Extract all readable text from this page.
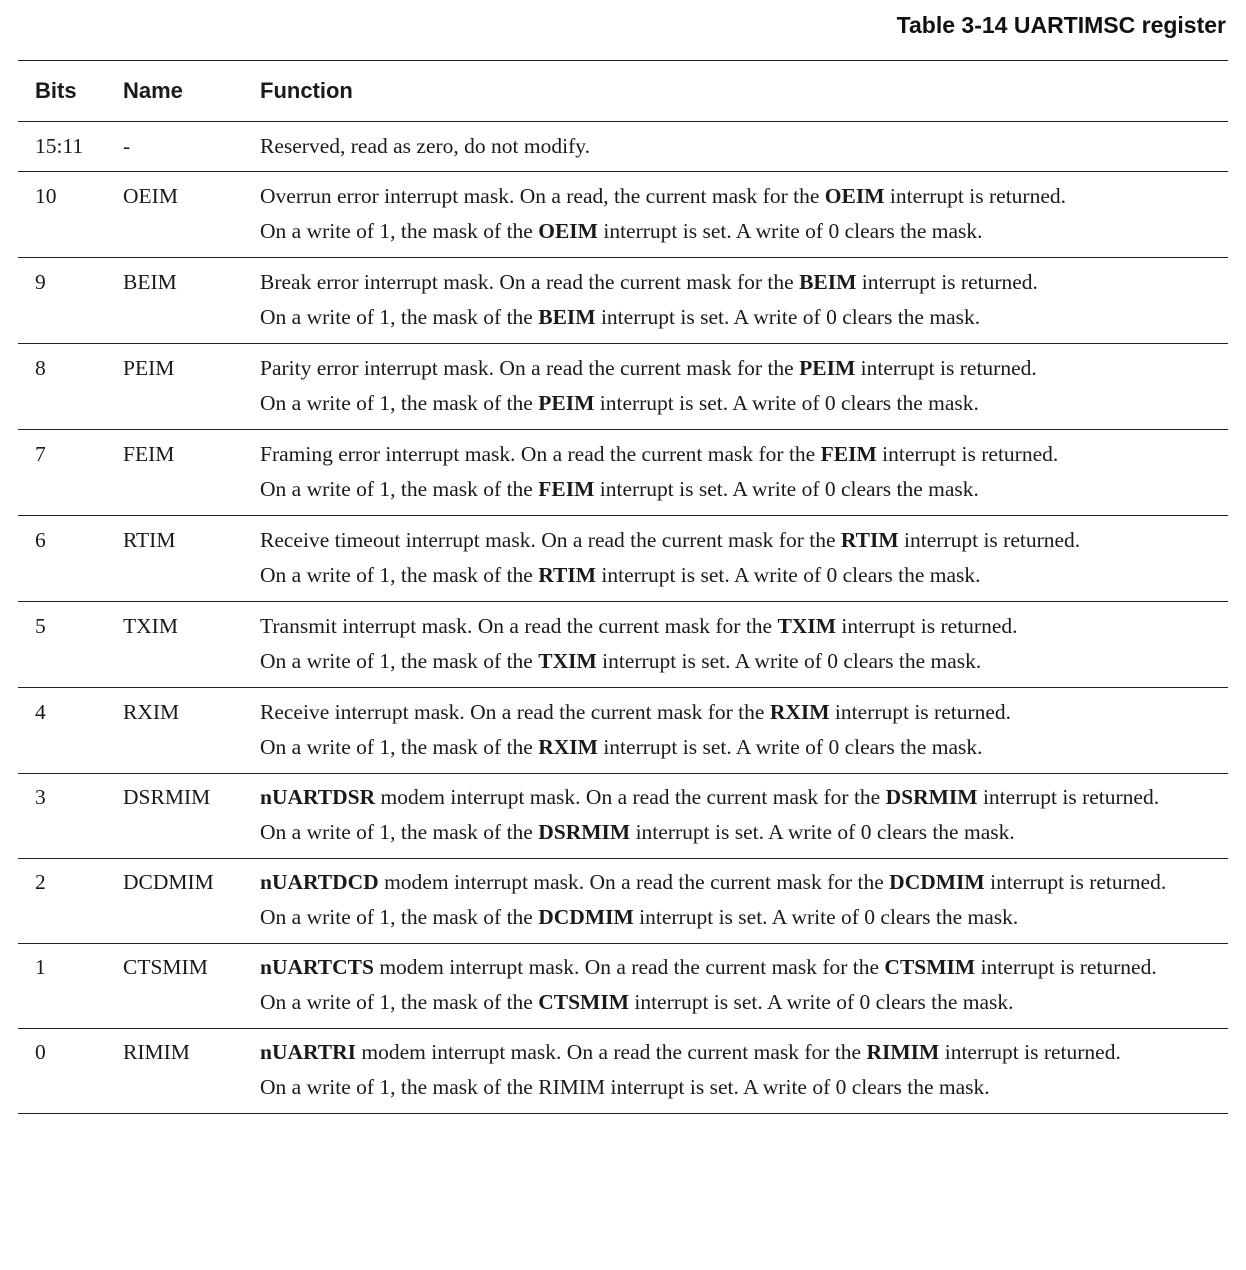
Table 3-14 UARTIMSC register
Bits	Name	Function
15:11	-	Reserved, read as zero, do not modify.

10	OEIM	Overrun error interrupt mask. On a read, the current mask for the OEIM interrupt is returned.
On a write of 1, the mask of the OEIM interrupt is set. A write of 0 clears the mask.

9	BEIM	Break error interrupt mask. On a read the current mask for the BEIM interrupt is returned.
On a write of 1, the mask of the BEIM interrupt is set. A write of 0 clears the mask.

8	PEIM	Parity error interrupt mask. On a read the current mask for the PEIM interrupt is returned.
On a write of 1, the mask of the PEIM interrupt is set. A write of 0 clears the mask.

7	FEIM	Framing error interrupt mask. On a read the current mask for the FEIM interrupt is returned.
On a write of 1, the mask of the FEIM interrupt is set. A write of 0 clears the mask.

6	RTIM	Receive timeout interrupt mask. On a read the current mask for the RTIM interrupt is returned.
On a write of 1, the mask of the RTIM interrupt is set. A write of 0 clears the mask.

5	TXIM	Transmit interrupt mask. On a read the current mask for the TXIM interrupt is returned.
On a write of 1, the mask of the TXIM interrupt is set. A write of 0 clears the mask.

4	RXIM	Receive interrupt mask. On a read the current mask for the RXIM interrupt is returned.
On a write of 1, the mask of the RXIM interrupt is set. A write of 0 clears the mask.

3	DSRMIM	nUARTDSR modem interrupt mask. On a read the current mask for the DSRMIM interrupt is returned.
On a write of 1, the mask of the DSRMIM interrupt is set. A write of 0 clears the mask.

2	DCDMIM	nUARTDCD modem interrupt mask. On a read the current mask for the DCDMIM interrupt is returned.
On a write of 1, the mask of the DCDMIM interrupt is set. A write of 0 clears the mask.

1	CTSMIM	nUARTCTS modem interrupt mask. On a read the current mask for the CTSMIM interrupt is returned.
On a write of 1, the mask of the CTSMIM interrupt is set. A write of 0 clears the mask.

0	RIMIM	nUARTRI modem interrupt mask. On a read the current mask for the RIMIM interrupt is returned.
On a write of 1, the mask of the RIMIM interrupt is set. A write of 0 clears the mask.
